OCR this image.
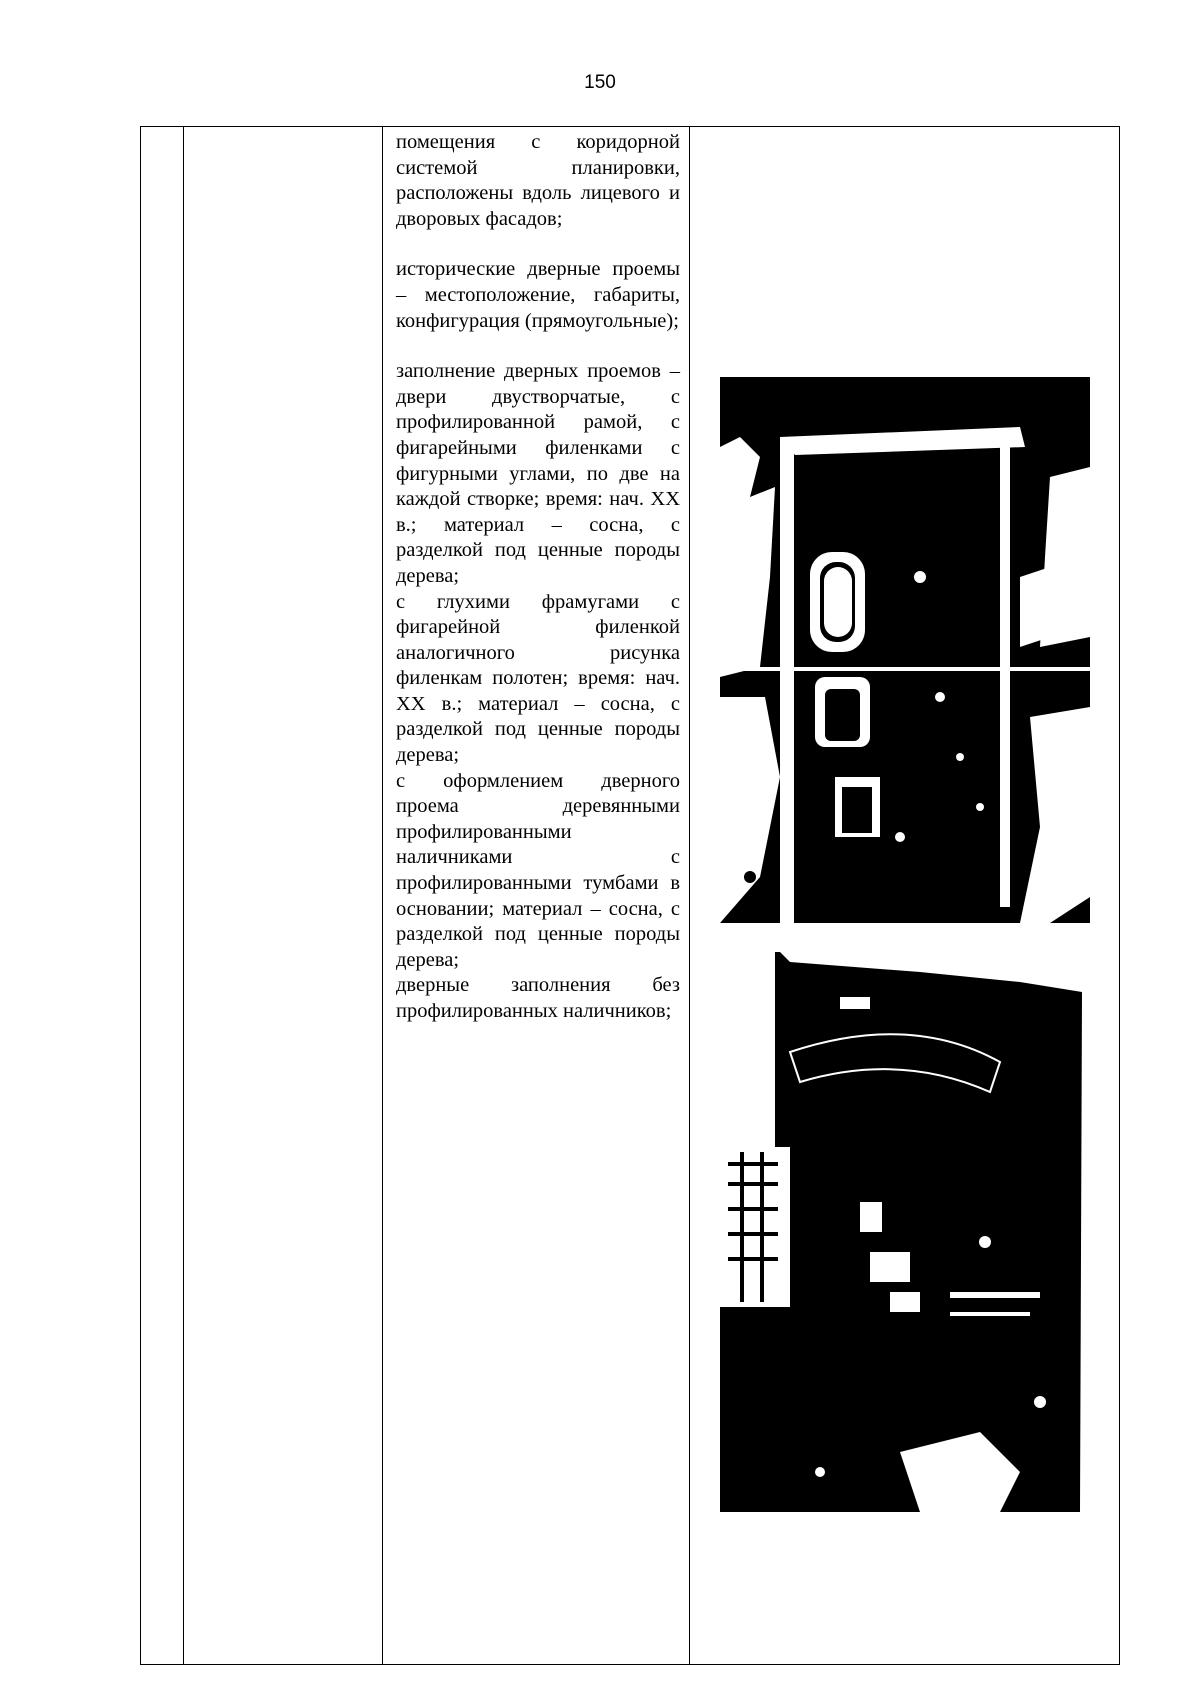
150

помещения с коридорной системой планировки, расположены вдоль лицевого и дворовых фасадов;

исторические дверные проемы – местоположение, габариты, конфигурация (прямоугольные);

заполнение дверных проемов – двери двустворчатые, с профилированной рамой, с фигарейными филенками с фигурными углами, по две на каждой створке; время: нач. XX в.; материал – сосна, с разделкой под ценные породы дерева;

с глухими фрамугами с фигарейной филенкой аналогичного рисунка филенкам полотен; время: нач. XX в.; материал – сосна, с разделкой под ценные породы дерева;

с оформлением дверного проема деревянными профилированными наличниками с профилированными тумбами в основании; материал – сосна, с разделкой под ценные породы дерева;

дверные заполнения без профилированных наличников;
